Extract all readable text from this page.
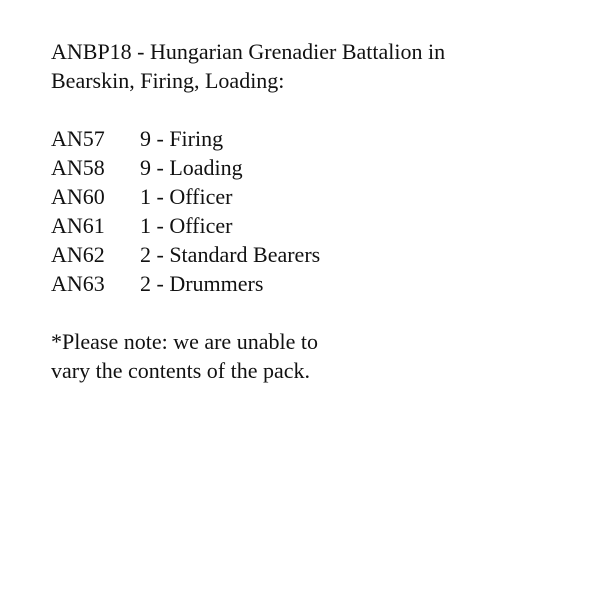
ANBP18 - Hungarian Grenadier Battalion in
Bearskin, Firing, Loading:
AN57	9 - Firing
AN58	9 - Loading
AN60	1 - Officer
AN61	1 - Officer
AN62	2 - Standard Bearers
AN63	2 - Drummers
*Please note: we are unable to
vary the contents of the pack.
